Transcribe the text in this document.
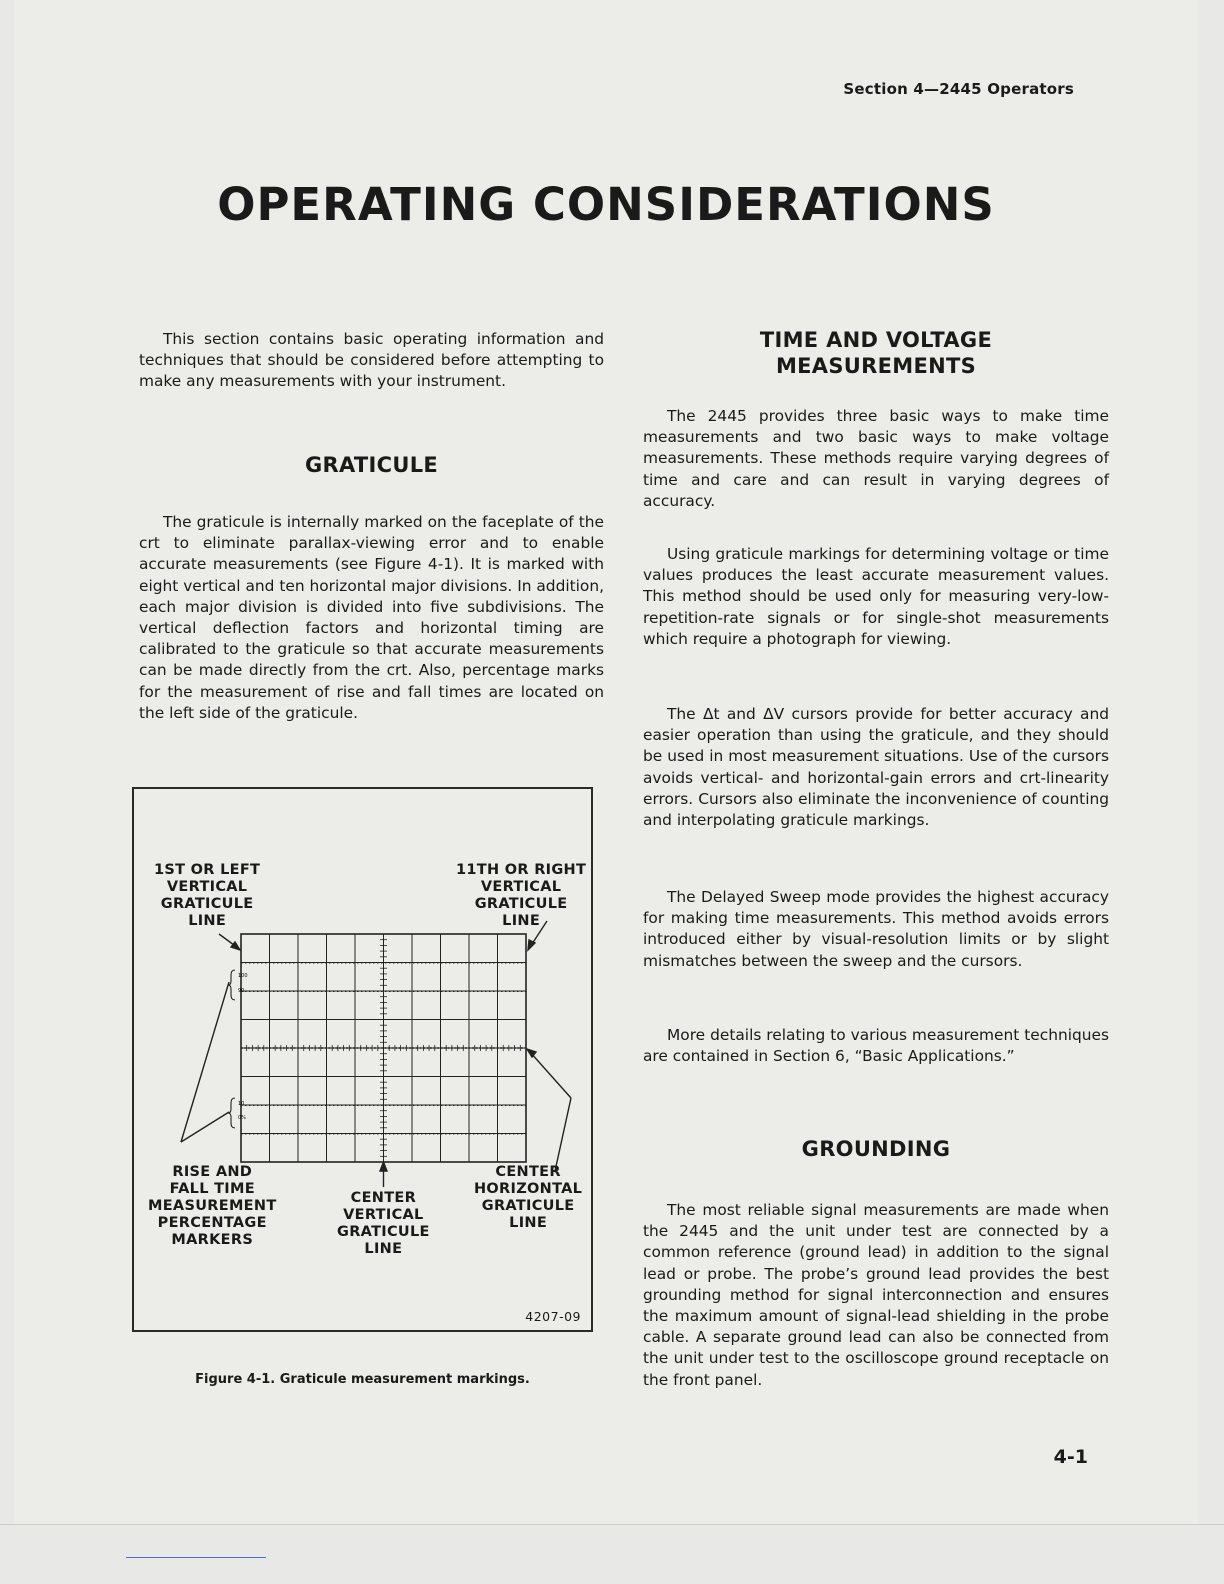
Section 4—2445 Operators
OPERATING CONSIDERATIONS

This section contains basic operating information and techniques that should be considered before attempting to make any measurements with your instrument.

GRATICULE

The graticule is internally marked on the faceplate of the crt to eliminate parallax-viewing error and to enable accurate measurements (see Figure 4-1). It is marked with eight vertical and ten horizontal major divisions. In addition, each major division is divided into five subdivisions. The vertical deflection factors and horizontal timing are calibrated to the graticule so that accurate measurements can be made directly from the crt. Also, percentage marks for the measurement of rise and fall times are located on the left side of the graticule.

100
90
10
0%
1ST OR LEFT
VERTICAL
GRATICULE
LINE
11TH OR RIGHT
VERTICAL
GRATICULE
LINE
RISE AND
FALL TIME
MEASUREMENT
PERCENTAGE
MARKERS
CENTER
VERTICAL
GRATICULE
LINE
CENTER
HORIZONTAL
GRATICULE
LINE
4207-09
Figure 4-1. Graticule measurement markings.
TIME AND VOLTAGE
MEASUREMENTS

The 2445 provides three basic ways to make time measurements and two basic ways to make voltage measurements. These methods require varying degrees of time and care and can result in varying degrees of accuracy.

Using graticule markings for determining voltage or time values produces the least accurate measurement values. This method should be used only for measuring very-low-repetition-rate signals or for single-shot measurements which require a photograph for viewing.

The Δt and ΔV cursors provide for better accuracy and easier operation than using the graticule, and they should be used in most measurement situations. Use of the cursors avoids vertical- and horizontal-gain errors and crt-linearity errors. Cursors also eliminate the inconvenience of counting and interpolating graticule markings.

The Delayed Sweep mode provides the highest accuracy for making time measurements. This method avoids errors introduced either by visual-resolution limits or by slight mismatches between the sweep and the cursors.

More details relating to various measurement techniques are contained in Section 6, “Basic Applications.”

GROUNDING

The most reliable signal measurements are made when the 2445 and the unit under test are connected by a common reference (ground lead) in addition to the signal lead or probe. The probe’s ground lead provides the best grounding method for signal interconnection and ensures the maximum amount of signal-lead shielding in the probe cable. A separate ground lead can also be connected from the unit under test to the oscilloscope ground receptacle on the front panel.

4-1
